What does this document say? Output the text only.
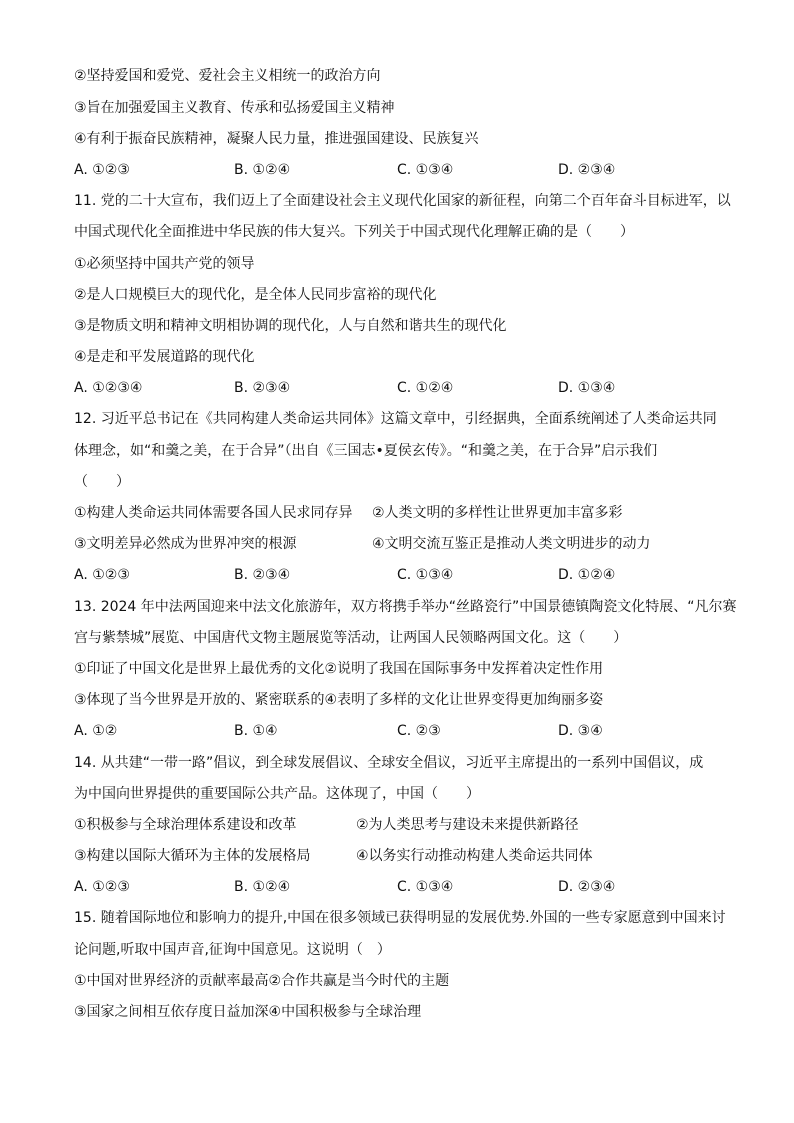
②坚持爱国和爱党、爱社会主义相统一的政治方向
③旨在加强爱国主义教育、传承和弘扬爱国主义精神
④有利于振奋民族精神，凝聚人民力量，推进强国建设、民族复兴
A. ①②③	B. ①②④	C. ①③④	D. ②③④
11. 党的二十大宣布，我们迈上了全面建设社会主义现代化国家的新征程，向第二个百年奋斗目标进军，以
中国式现代化全面推进中华民族的伟大复兴。下列关于中国式现代化理解正确的是（　　）
①必须坚持中国共产党的领导
②是人口规模巨大的现代化，是全体人民同步富裕的现代化
③是物质文明和精神文明相协调的现代化，人与自然和谐共生的现代化
④是走和平发展道路的现代化
A. ①②③④	B. ②③④	C. ①②④	D. ①③④
12. 习近平总书记在《共同构建人类命运共同体》这篇文章中，引经据典，全面系统阐述了人类命运共同
体理念，如“和羹之美，在于合异”（出自《三国志•夏侯玄传》。“和羹之美，在于合异”启示我们
（　　）
①构建人类命运共同体需要各国人民求同存异 ②人类文明的多样性让世界更加丰富多彩
③文明差异必然成为世界冲突的根源	④文明交流互鉴正是推动人类文明进步的动力
A. ①②③	B. ②③④	C. ①③④	D. ①②④
13. 2024 年中法两国迎来中法文化旅游年，双方将携手举办“丝路瓷行”中国景德镇陶瓷文化特展、“凡尔赛
宫与紫禁城”展览、中国唐代文物主题展览等活动，让两国人民领略两国文化。这（　　）
①印证了中国文化是世界上最优秀的文化②说明了我国在国际事务中发挥着决定性作用
③体现了当今世界是开放的、紧密联系的④表明了多样的文化让世界变得更加绚丽多姿
A. ①②	B. ①④	C. ②③	D. ③④
14. 从共建“一带一路”倡议，到全球发展倡议、全球安全倡议，习近平主席提出的一系列中国倡议，成
为中国向世界提供的重要国际公共产品。这体现了，中国（　　）
①积极参与全球治理体系建设和改革	②为人类思考与建设未来提供新路径
③构建以国际大循环为主体的发展格局	④以务实行动推动构建人类命运共同体
A. ①②③	B. ①②④	C. ①③④	D. ②③④
15. 随着国际地位和影响力的提升,中国在很多领域已获得明显的发展优势.外国的一些专家愿意到中国来讨
论问题,听取中国声音,征询中国意见。这说明（　）
①中国对世界经济的贡献率最高②合作共赢是当今时代的主题
③国家之间相互依存度日益加深④中国积极参与全球治理
